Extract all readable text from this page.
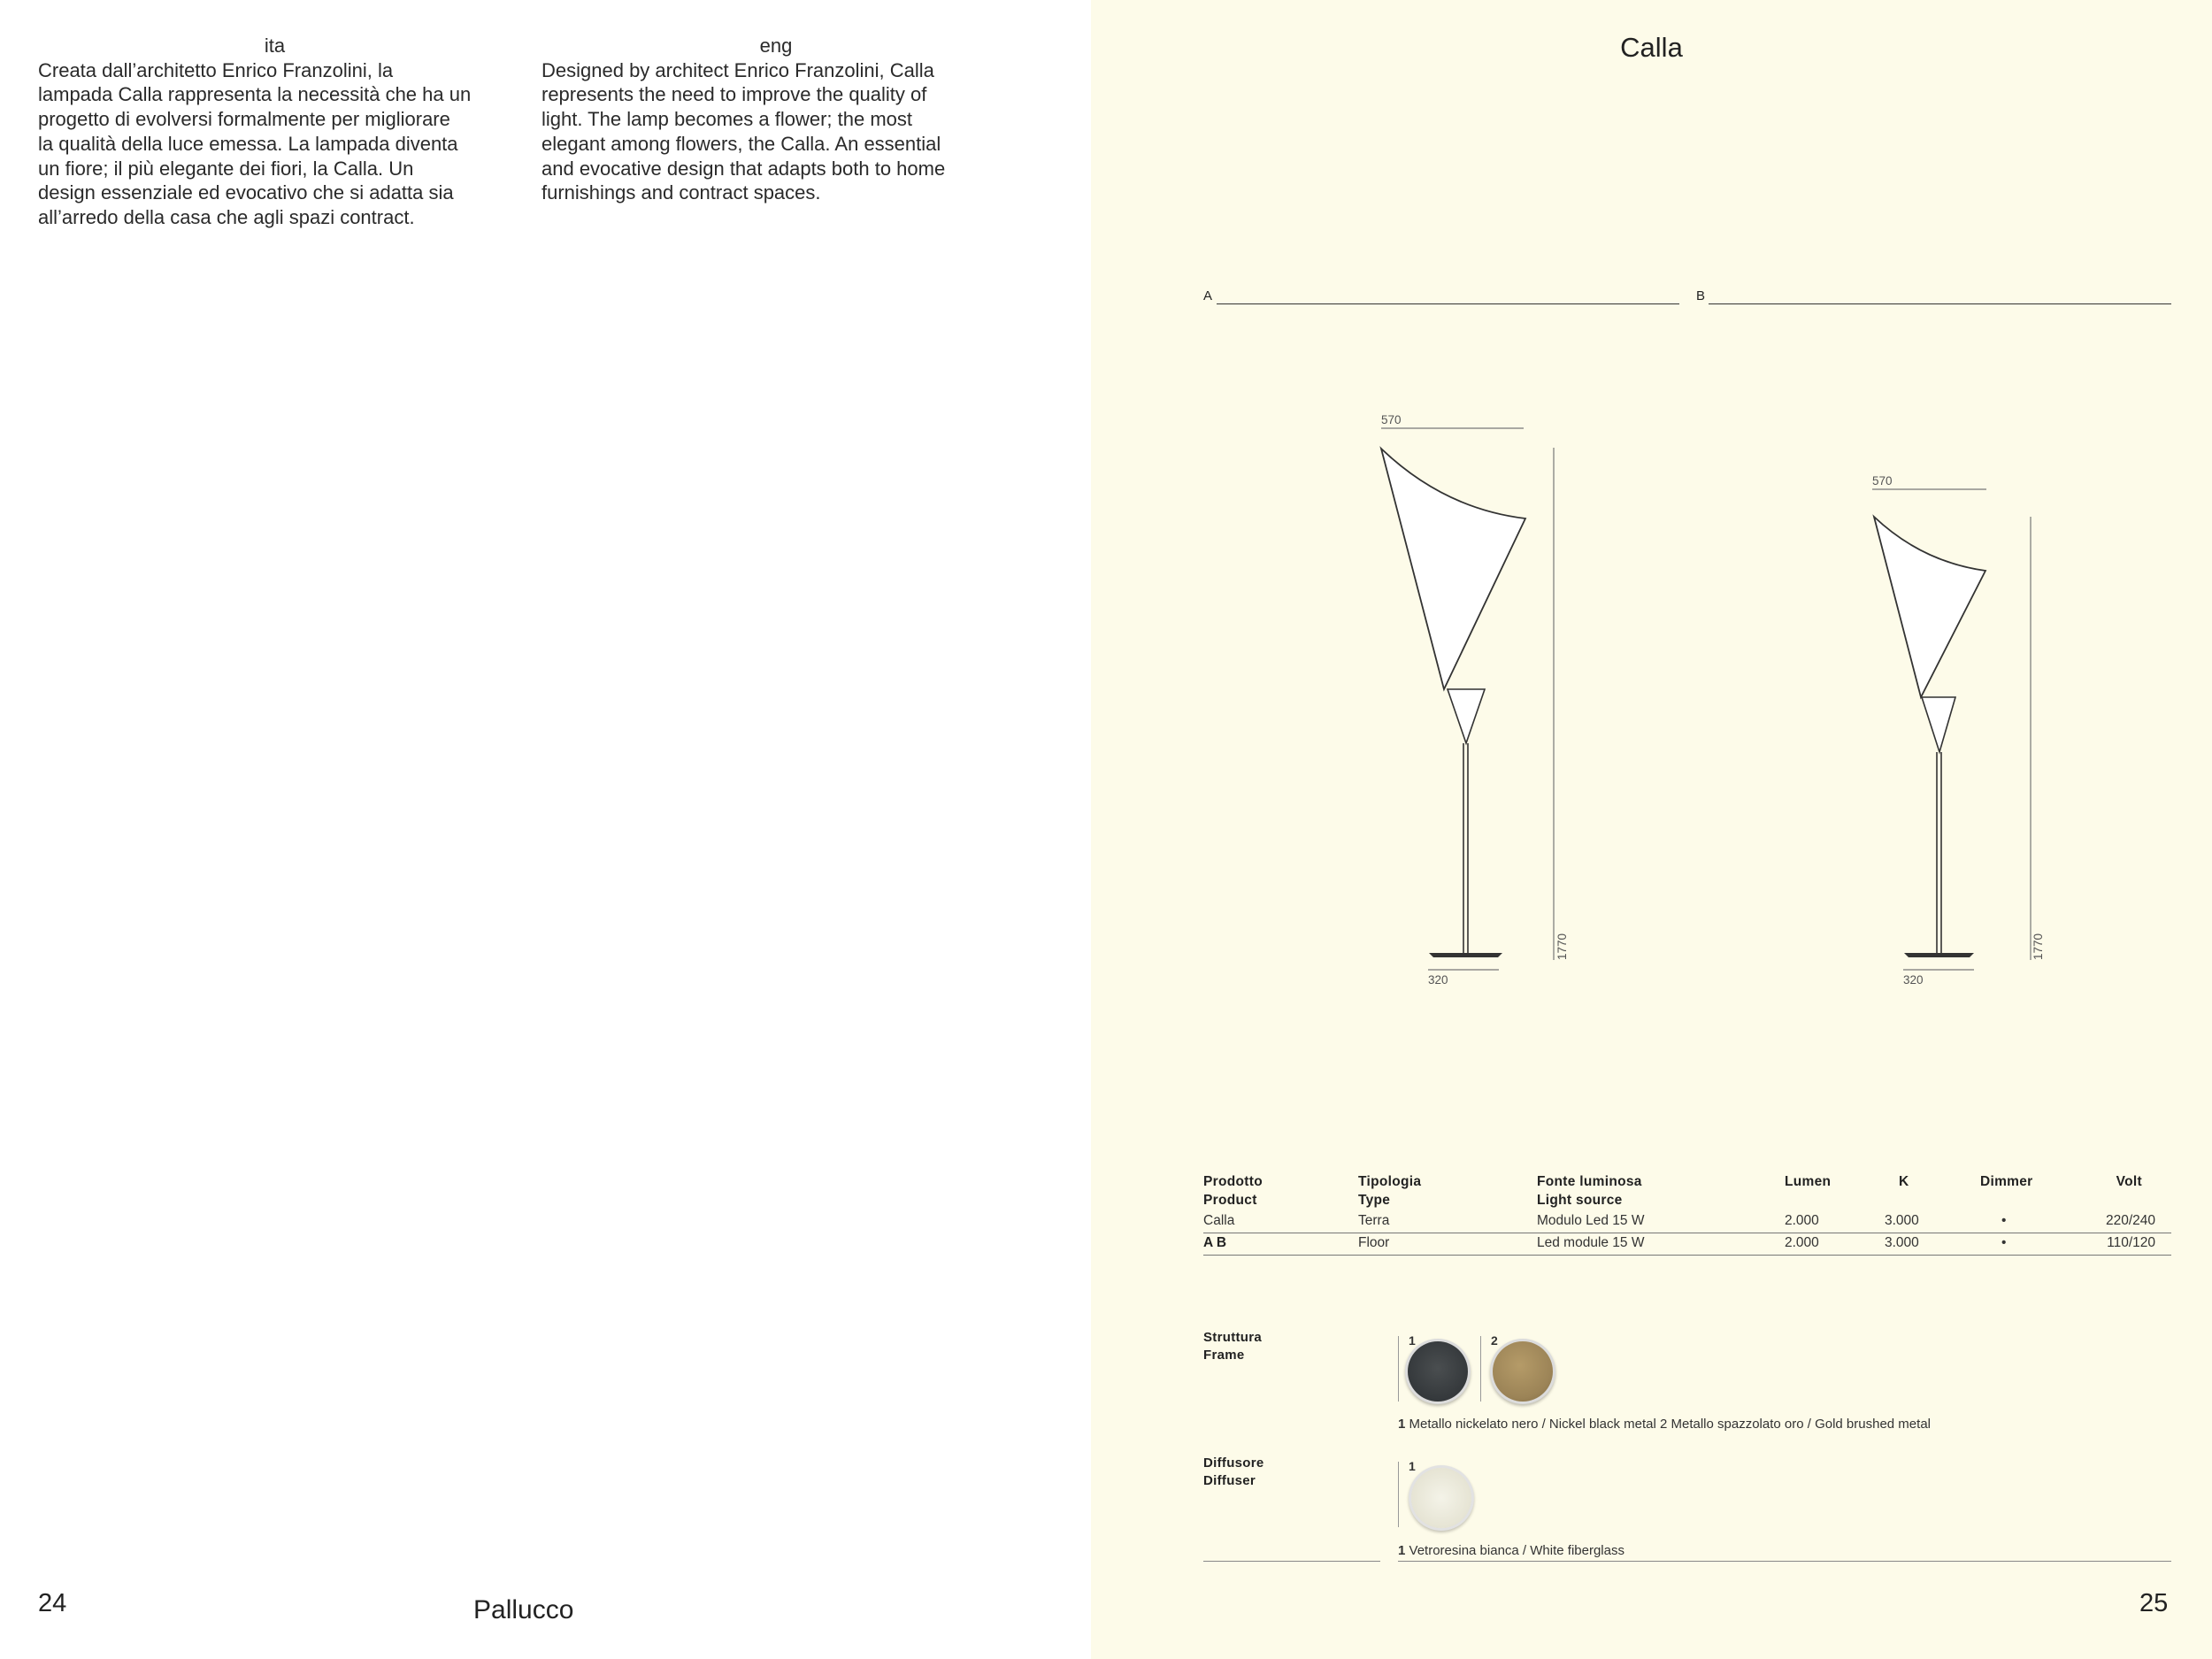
ita

Creata dall’architetto Enrico Franzolini, la

lampada Calla rappresenta la necessità che ha un

progetto di evolversi formalmente per migliorare

la qualità della luce emessa. La lampada diventa

un fiore; il più elegante dei fiori, la Calla. Un

design essenziale ed evocativo che si adatta sia

all’arredo della casa che agli spazi contract.

eng

Designed by architect Enrico Franzolini, Calla

represents the need to improve the quality of

light. The lamp becomes a flower; the most

elegant among flowers, the Calla. An essential

and evocative design that adapts both to home

furnishings and contract spaces.

24	Pallucco
Calla
A	B
570
320
1770
570
320
1770
Prodotto	Tipologia	Fonte luminosa	Lumen	K	Dimmer	Volt
Product	Type	Light source
Calla	Terra	Modulo Led 15 W	2.000	3.000	•	220/240
A B	Floor	Led module 15 W	2.000	3.000	•	110/120
Struttura
Frame
1	2
1 Metallo nickelato nero / Nickel black metal 2 Metallo spazzolato oro / Gold brushed metal
Diffusore
Diffuser
1
1 Vetroresina bianca / White fiberglass
25
